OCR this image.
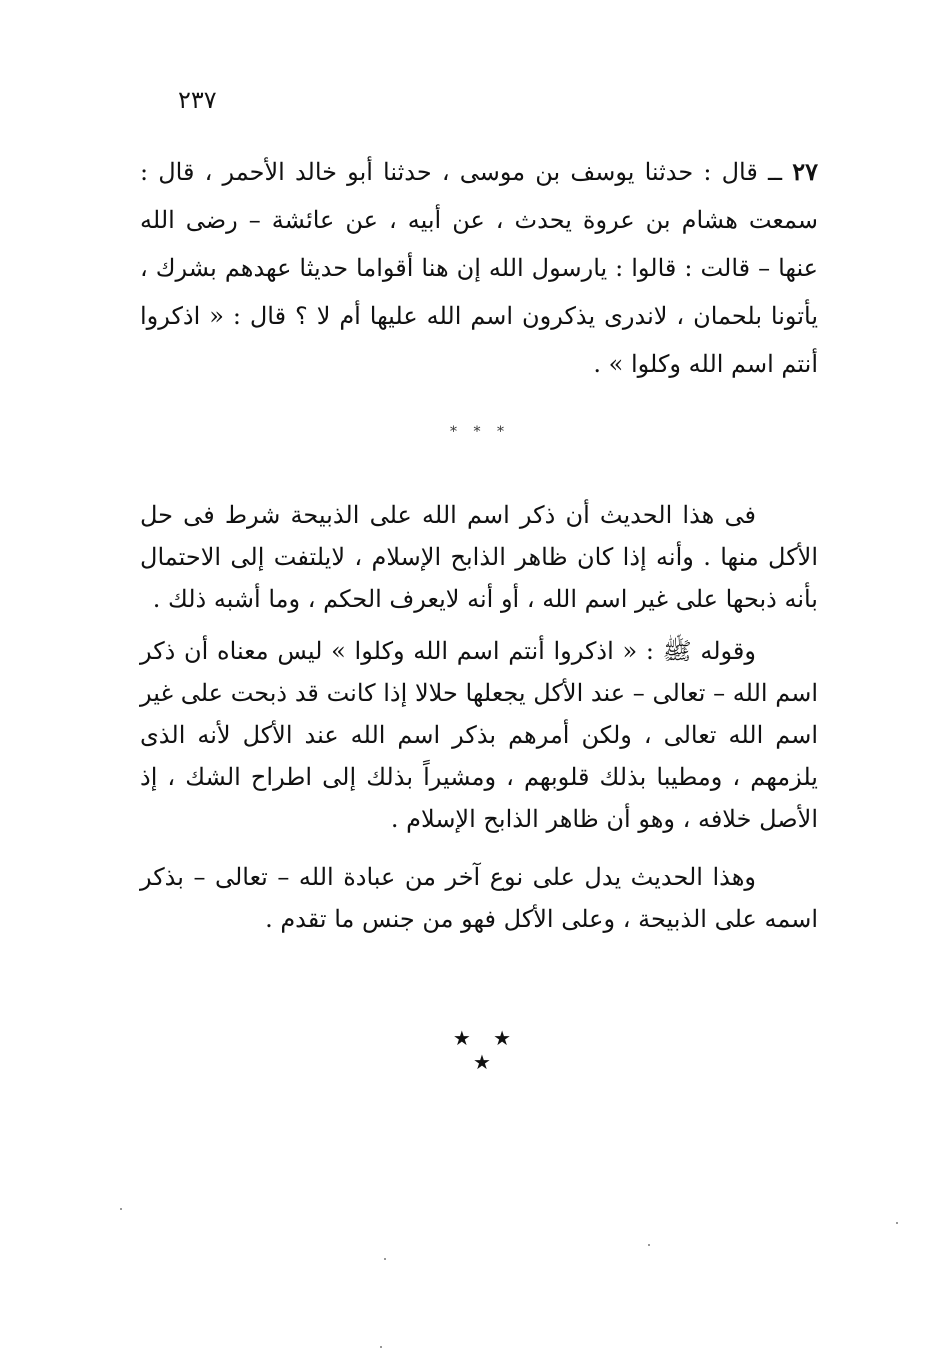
٢٣٧
٢٧ ــ قال : حدثنا يوسف بن موسى ، حدثنا أبو خالد الأحمر ، قال : سمعت هشام بن عروة يحدث ، عن أبيه ، عن عائشة – رضى الله عنها – قالت : قالوا : يارسول الله إن هنا أقواما حديثا عهدهم بشرك ، يأتونا بلحمان ، لاندرى يذكرون اسم الله عليها أم لا ؟ قال : « اذكروا أنتم اسم الله وكلوا » .
* * *
فى هذا الحديث أن ذكر اسم الله على الذبيحة شرط فى حل الأكل منها . وأنه إذا كان ظاهر الذابح الإسلام ، لايلتفت إلى الاحتمال بأنه ذبحها على غير اسم الله ، أو أنه لايعرف الحكم ، وما أشبه ذلك .
وقوله ﷺ : « اذكروا أنتم اسم الله وكلوا » ليس معناه أن ذكر اسم الله – تعالى – عند الأكل يجعلها حلالا إذا كانت قد ذبحت على غير اسم الله تعالى ، ولكن أمرهم بذكر اسم الله عند الأكل لأنه الذى يلزمهم ، ومطيبا بذلك قلوبهم ، ومشيراً بذلك إلى اطراح الشك ، إذ الأصل خلافه ، وهو أن ظاهر الذابح الإسلام .
وهذا الحديث يدل على نوع آخر من عبادة الله – تعالى – بذكر اسمه على الذبيحة ، وعلى الأكل فهو من جنس ما تقدم .
★ ★ ★
